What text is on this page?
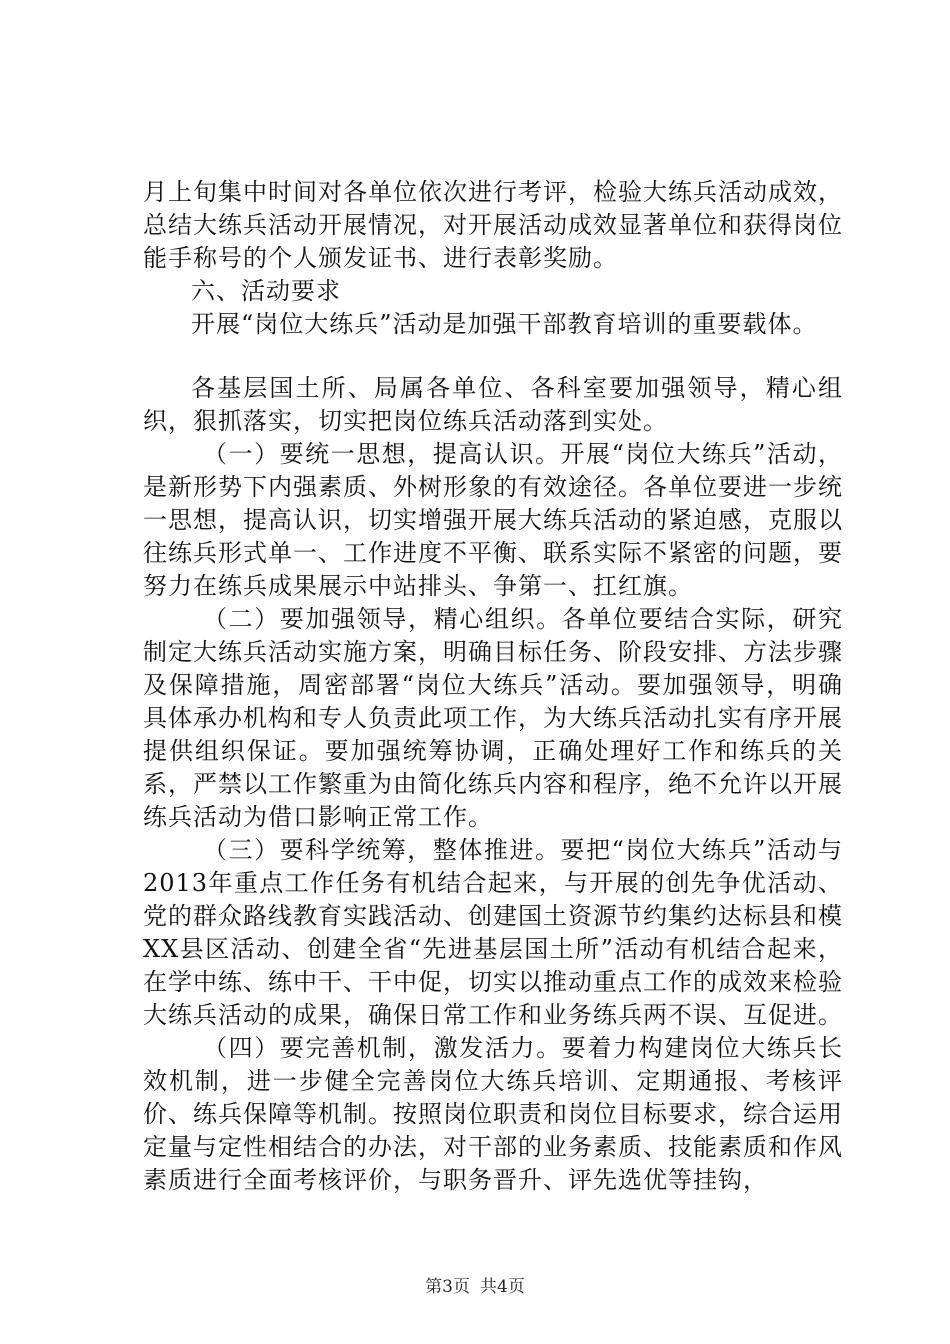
月上旬集中时间对各单位依次进行考评，检验大练兵活动成效，总结大练兵活动开展情况，对开展活动成效显著单位和获得岗位能手称号的个人颁发证书、进行表彰奖励。

六、活动要求

开展“岗位大练兵”活动是加强干部教育培训的重要载体。

各基层国土所、局属各单位、各科室要加强领导，精心组织，狠抓落实，切实把岗位练兵活动落到实处。

（一）要统一思想，提高认识。开展“岗位大练兵”活动，是新形势下内强素质、外树形象的有效途径。各单位要进一步统一思想，提高认识，切实增强开展大练兵活动的紧迫感，克服以往练兵形式单一、工作进度不平衡、联系实际不紧密的问题，要努力在练兵成果展示中站排头、争第一、扛红旗。

（二）要加强领导，精心组织。各单位要结合实际，研究制定大练兵活动实施方案，明确目标任务、阶段安排、方法步骤及保障措施，周密部署“岗位大练兵”活动。要加强领导，明确具体承办机构和专人负责此项工作，为大练兵活动扎实有序开展提供组织保证。要加强统筹协调，正确处理好工作和练兵的关系，严禁以工作繁重为由简化练兵内容和程序，绝不允许以开展练兵活动为借口影响正常工作。

（三）要科学统筹，整体推进。要把“岗位大练兵”活动与2013年重点工作任务有机结合起来，与开展的创先争优活动、党的群众路线教育实践活动、创建国土资源节约集约达标县和模XX县区活动、创建全省“先进基层国土所”活动有机结合起来，在学中练、练中干、干中促，切实以推动重点工作的成效来检验大练兵活动的成果，确保日常工作和业务练兵两不误、互促进。

（四）要完善机制，激发活力。要着力构建岗位大练兵长效机制，进一步健全完善岗位大练兵培训、定期通报、考核评价、练兵保障等机制。按照岗位职责和岗位目标要求，综合运用定量与定性相结合的办法，对干部的业务素质、技能素质和作风素质进行全面考核评价，与职务晋升、评先选优等挂钩，

第3页 共4页
